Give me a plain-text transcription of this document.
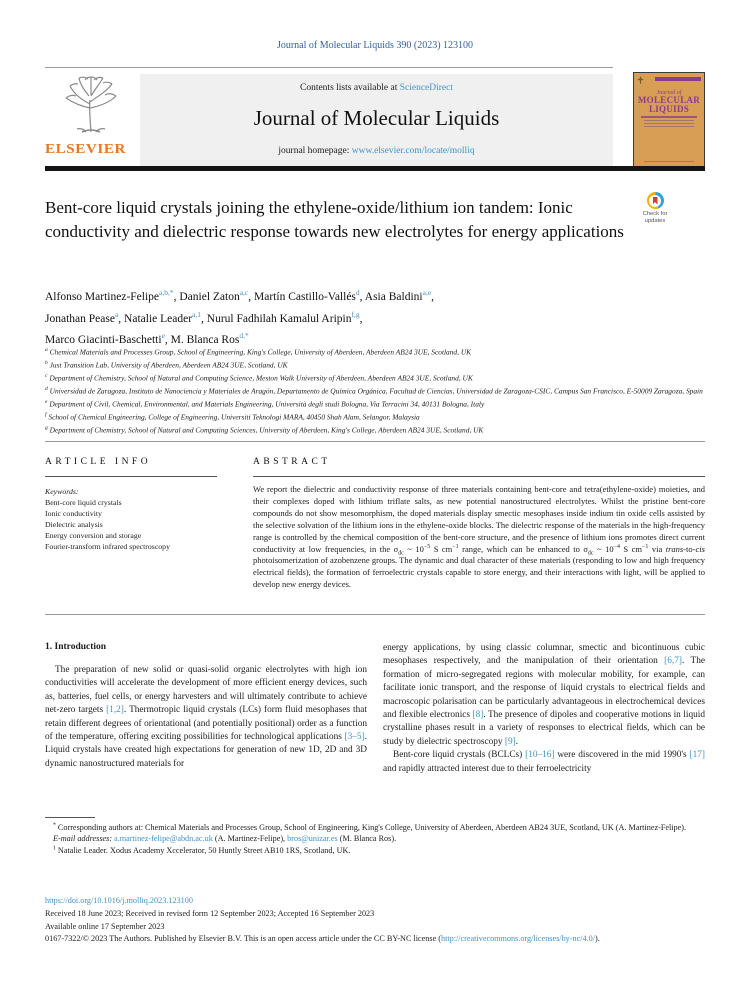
Journal of Molecular Liquids 390 (2023) 123100
ELSEVIER
Contents lists available at ScienceDirect
Journal of Molecular Liquids
journal homepage: www.elsevier.com/locate/molliq
Journal of
MOLECULAR
LIQUIDS
Check for
updates
Bent-core liquid crystals joining the ethylene-oxide/lithium ion tandem: Ionic conductivity and dielectric response towards new electrolytes for energy applications
Alfonso Martinez-Felipe$^{a,b,*}$, Daniel Zaton$^{a,c}$, Martín Castillo-Vallés$^d$, Asia Baldini$^{a,e}$,
Jonathan Pease$^a$, Natalie Leader$^{a,1}$, Nurul Fadhilah Kamalul Aripin$^{f,g}$,
Marco Giacinti-Baschetti$^e$, M. Blanca Ros$^{d,*}$
$^a$ Chemical Materials and Processes Group, School of Engineering, King's College, University of Aberdeen, Aberdeen AB24 3UE, Scotland, UK
$^b$ Just Transition Lab, University of Aberdeen, Aberdeen AB24 3UE, Scotland, UK
$^c$ Department of Chemistry, School of Natural and Computing Science, Meston Walk University of Aberdeen, Aberdeen AB24 3UE, Scotland, UK
$^d$ Universidad de Zaragoza, Instituto de Nanociencia y Materiales de Aragón, Departamento de Química Orgánica, Facultad de Ciencias, Universidad de Zaragoza-CSIC, Campus San Francisco, E-50009 Zaragoza, Spain
$^e$ Department of Civil, Chemical, Environmental, and Materials Engineering, Università degli studi Bologna, Via Terracini 34, 40131 Bologna, Italy
$^f$ School of Chemical Engineering, College of Engineering, Universiti Teknologi MARA, 40450 Shah Alam, Selangor, Malaysia
$^g$ Department of Chemistry, School of Natural and Computing Sciences, University of Aberdeen, King's College, Aberdeen AB24 3UE, Scotland, UK
ARTICLE INFO	ABSTRACT
Keywords:
Bent-core liquid crystals
Ionic conductivity
Dielectric analysis
Energy conversion and storage
Fourier-transform infrared spectroscopy
We report the dielectric and conductivity response of three materials containing bent-core and tetra(ethylene-oxide) moieties, and their complexes doped with lithium triflate salts, as new potential nanostructured electrolytes. Whilst the pristine bent-core compounds do not show mesomorphism, the doped materials display smectic mesophases inside indium tin oxide cells assisted by the selective solvation of the lithium ions in the ethylene-oxide blocks. The dielectric response of the materials in the high-frequency range is controlled by the chemical composition of the bent-core structure, and the presence of lithium ions promotes direct current conductivity at low frequencies, in the $\sigma_{dc}$ ~ $10^{-5}$ S $cm^{-1}$ range, which can be enhanced to $\sigma_{dc}$ ~ $10^{-4}$ S $cm^{-1}$ via trans-to-cis photoisomerization of azobenzene groups. The dynamic and dual character of these materials (responding to low and high frequency electrical fields), the formation of ferroelectric crystals capable to store energy, and their interactions with light, will be applied to develop new energy devices.
1. Introduction

The preparation of new solid or quasi-solid organic electrolytes with high ion conductivities will accelerate the development of more efficient energy devices, such as, batteries, fuel cells, or energy harvesters and will ultimately contribute to achieve net-zero targets [1,2]. Thermotropic liquid crystals (LCs) form fluid mesophases that retain different degrees of orientational (and potentially positional) order as a function of the temperature, offering exciting possibilities for technological applications [3–5]. Liquid crystals have created high expectations for generation of new 1D, 2D and 3D dynamic nanostructured materials for

energy applications, by using classic columnar, smectic and bicontinuous cubic mesophases respectively, and the manipulation of their orientation [6,7]. The formation of micro-segregated regions with molecular mobility, for example, can facilitate ionic transport, and the response of liquid crystals to electrical fields and macroscopic polarisation can be particularly advantageous in electrochemical devices and flexible electronics [8]. The presence of dipoles and cooperative motions in liquid crystalline phases result in a variety of responses to electrical fields, which can be study by dielectric spectroscopy [9].

Bent-core liquid crystals (BCLCs) [10–16] were discovered in the mid 1990's [17] and rapidly attracted interest due to their ferroelectricity

* Corresponding authors at: Chemical Materials and Processes Group, School of Engineering, King's College, University of Aberdeen, Aberdeen AB24 3UE, Scotland, UK (A. Martinez-Felipe).
E-mail addresses: a.martinez-felipe@abdn.ac.uk (A. Martinez-Felipe), bros@unizar.es (M. Blanca Ros).
$^1$ Natalie Leader. Xodus Academy Xccelerator, 50 Huntly Street AB10 1RS, Scotland, UK.
https://doi.org/10.1016/j.molliq.2023.123100
Received 18 June 2023; Received in revised form 12 September 2023; Accepted 16 September 2023
Available online 17 September 2023
0167-7322/© 2023 The Authors. Published by Elsevier B.V. This is an open access article under the CC BY-NC license (http://creativecommons.org/licenses/by-nc/4.0/).
